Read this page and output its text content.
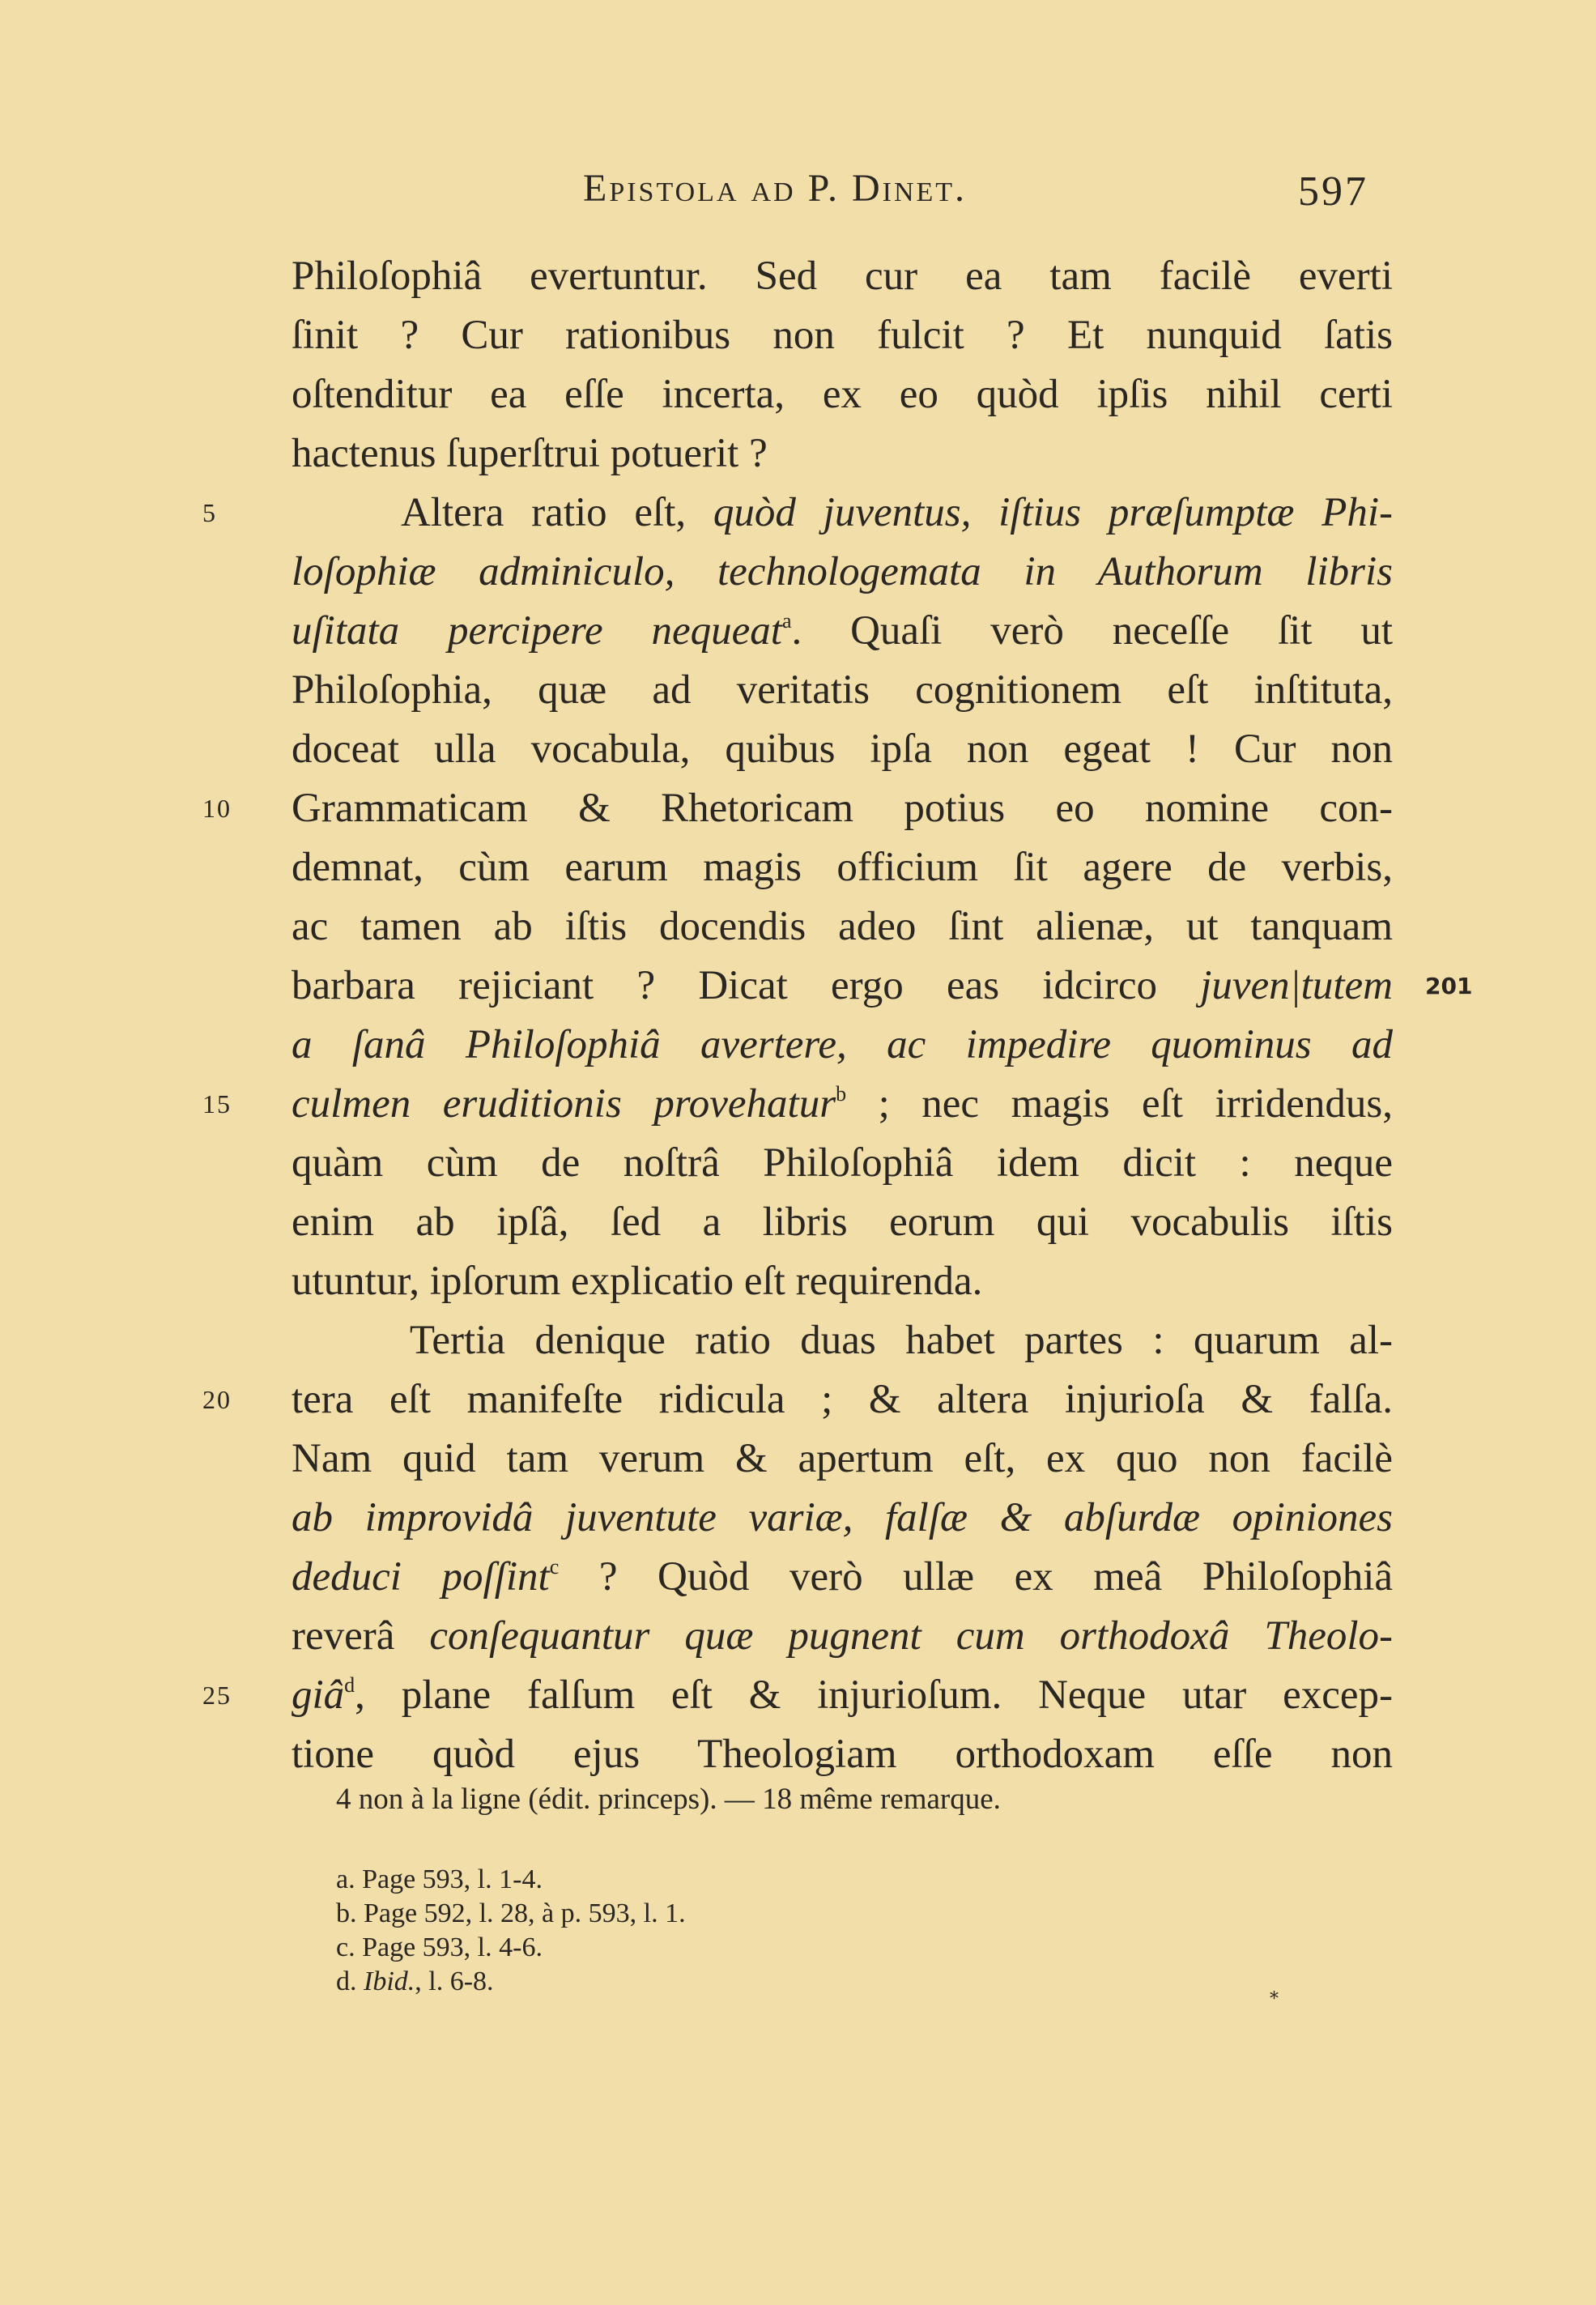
Epistola ad P. Dinet.	597
Philoſophiâ evertuntur. Sed cur ea tam facilè everti
ſinit ? Cur rationibus non fulcit ? Et nunquid ſatis
oſtenditur ea eſſe incerta, ex eo quòd ipſis nihil certi
hactenus ſuperſtrui potuerit ?
5	Altera ratio eſt, quòd juventus, iſtius præſumptæ Phi-
loſophiæ adminiculo, technologemata in Authorum libris
uſitata percipere nequeat$^a$. Quaſi verò neceſſe ſit ut
Philoſophia, quæ ad veritatis cognitionem eſt inſtituta,
doceat ulla vocabula, quibus ipſa non egeat ! Cur non
10	Grammaticam & Rhetoricam potius eo nomine con-
demnat, cùm earum magis officium ſit agere de verbis,
ac tamen ab iſtis docendis adeo ſint alienæ, ut tanquam
barbara rejiciant ? Dicat ergo eas idcirco juven|tutem 201
a ſanâ Philoſophiâ avertere, ac impedire quominus ad
15	culmen eruditionis provehatur$^b$ ; nec magis eſt irridendus,
quàm cùm de noſtrâ Philoſophiâ idem dicit : neque
enim ab ipſâ, ſed a libris eorum qui vocabulis iſtis
utuntur, ipſorum explicatio eſt requirenda.
Tertia denique ratio duas habet partes : quarum al-
20	tera eſt manifeſte ridicula ; & altera injurioſa & falſa.
Nam quid tam verum & apertum eſt, ex quo non facilè
ab improvidâ juventute variæ, falſæ & abſurdæ opiniones
deduci poſſint$^c$ ? Quòd verò ullæ ex meâ Philoſophiâ
reverâ conſequantur quæ pugnent cum orthodoxâ Theolo-
25	giâ$^d$, plane falſum eſt & injurioſum. Neque utar excep-
tione quòd ejus Theologiam orthodoxam eſſe non
4 non à la ligne (édit. princeps). — 18 même remarque.
a. Page 593, l. 1-4.
b. Page 592, l. 28, à p. 593, l. 1.
c. Page 593, l. 4-6.
d. Ibid., l. 6-8.
*
